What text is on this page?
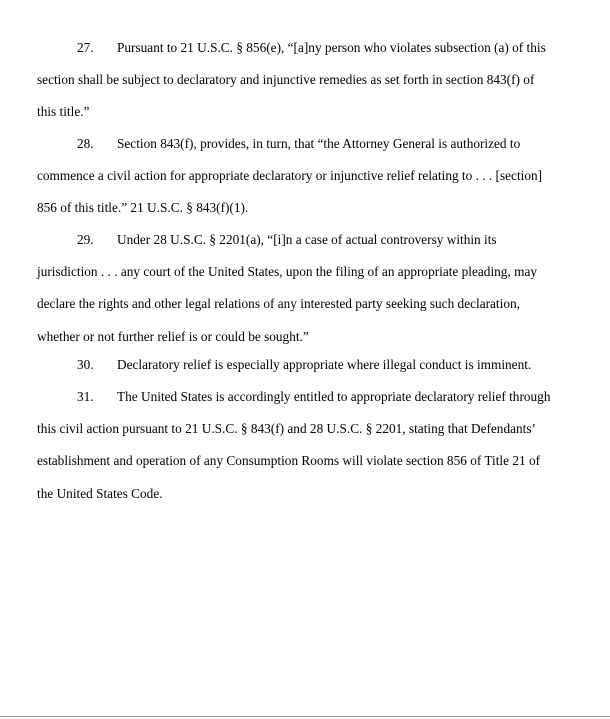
27. Pursuant to 21 U.S.C. § 856(e), “[a]ny person who violates subsection (a) of this
section shall be subject to declaratory and injunctive remedies as set forth in section 843(f) of
this title.”
28. Section 843(f), provides, in turn, that “the Attorney General is authorized to
commence a civil action for appropriate declaratory or injunctive relief relating to . . . [section]
856 of this title.” 21 U.S.C. § 843(f)(1).
29. Under 28 U.S.C. § 2201(a), “[i]n a case of actual controversy within its
jurisdiction . . . any court of the United States, upon the filing of an appropriate pleading, may
declare the rights and other legal relations of any interested party seeking such declaration,
whether or not further relief is or could be sought.”
30. Declaratory relief is especially appropriate where illegal conduct is imminent.
31. The United States is accordingly entitled to appropriate declaratory relief through
this civil action pursuant to 21 U.S.C. § 843(f) and 28 U.S.C. § 2201, stating that Defendants’
establishment and operation of any Consumption Rooms will violate section 856 of Title 21 of
the United States Code.
